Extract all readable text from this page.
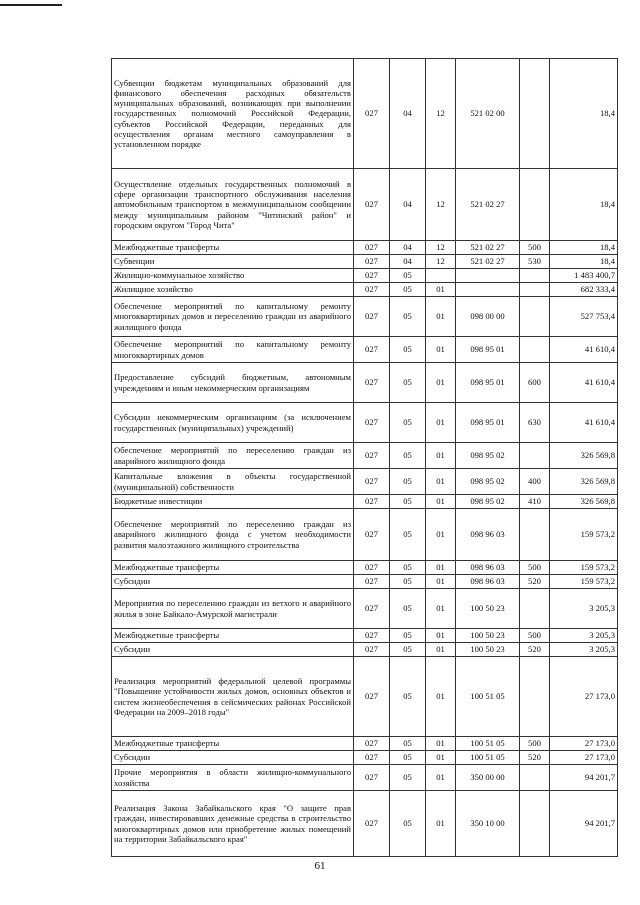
Субвенции бюджетам муниципальных образований для финансового обеспечения расходных обязательств муниципальных образований, возникающих при выполнении государственных полномочий Российской Федерации, субъектов Российской Федерации, переданных для осуществления органам местного самоуправления в установленном порядке	027	04	12	521 02 00		18,4
Осуществление отдельных государственных полномочий в сфере организации транспортного обслуживания населения автомобильным транспортом в межмуниципальном сообщении между муниципальным районом "Читинский район" и городским округом "Город Чита"	027	04	12	521 02 27		18,4
Межбюджетные трансферты	027	04	12	521 02 27	500	18,4
Субвенции	027	04	12	521 02 27	530	18,4
Жилищно-коммунальное хозяйство	027	05				1 483 400,7
Жилищное хозяйство	027	05	01			682 333,4
Обеспечение мероприятий по капитальному ремонту многоквартирных домов и переселению граждан из аварийного жилищного фонда	027	05	01	098 00 00		527 753,4
Обеспечение мероприятий по капитальному ремонту многоквартирных домов	027	05	01	098 95 01		41 610,4
Предоставление субсидий бюджетным, автономным учреждениям и иным некоммерческим организациям	027	05	01	098 95 01	600	41 610,4
Субсидии некоммерческим организациям (за исключением государственных (муниципальных) учреждений)	027	05	01	098 95 01	630	41 610,4
Обеспечение мероприятий по переселению граждан из аварийного жилищного фонда	027	05	01	098 95 02		326 569,8
Капитальные вложения в объекты государственной (муниципальной) собственности	027	05	01	098 95 02	400	326 569,8
Бюджетные инвестиции	027	05	01	098 95 02	410	326 569,8
Обеспечение мероприятий по переселению граждан из аварийного жилищного фонда с учетом необходимости развития малоэтажного жилищного строительства	027	05	01	098 96 03		159 573,2
Межбюджетные трансферты	027	05	01	098 96 03	500	159 573,2
Субсидии	027	05	01	098 96 03	520	159 573,2
Мероприятия по переселению граждан из ветхого и аварийного жилья в зоне Байкало-Амурской магистрали	027	05	01	100 50 23		3 205,3
Межбюджетные трансферты	027	05	01	100 50 23	500	3 205,3
Субсидии	027	05	01	100 50 23	520	3 205,3
Реализация мероприятий федеральной целевой программы "Повышение устойчивости жилых домов, основных объектов и систем жизнеобеспечения в сейсмических районах Российской Федерации на 2009–2018 годы"	027	05	01	100 51 05		27 173,0
Межбюджетные трансферты	027	05	01	100 51 05	500	27 173,0
Субсидии	027	05	01	100 51 05	520	27 173,0
Прочие мероприятия в области жилищно-коммунального хозяйства	027	05	01	350 00 00		94 201,7
Реализация Закона Забайкальского края "О защите прав граждан, инвестировавших денежные средства в строительство многоквартирных домов или приобретение жилых помещений на территории Забайкальского края"	027	05	01	350 10 00		94 201,7
61
